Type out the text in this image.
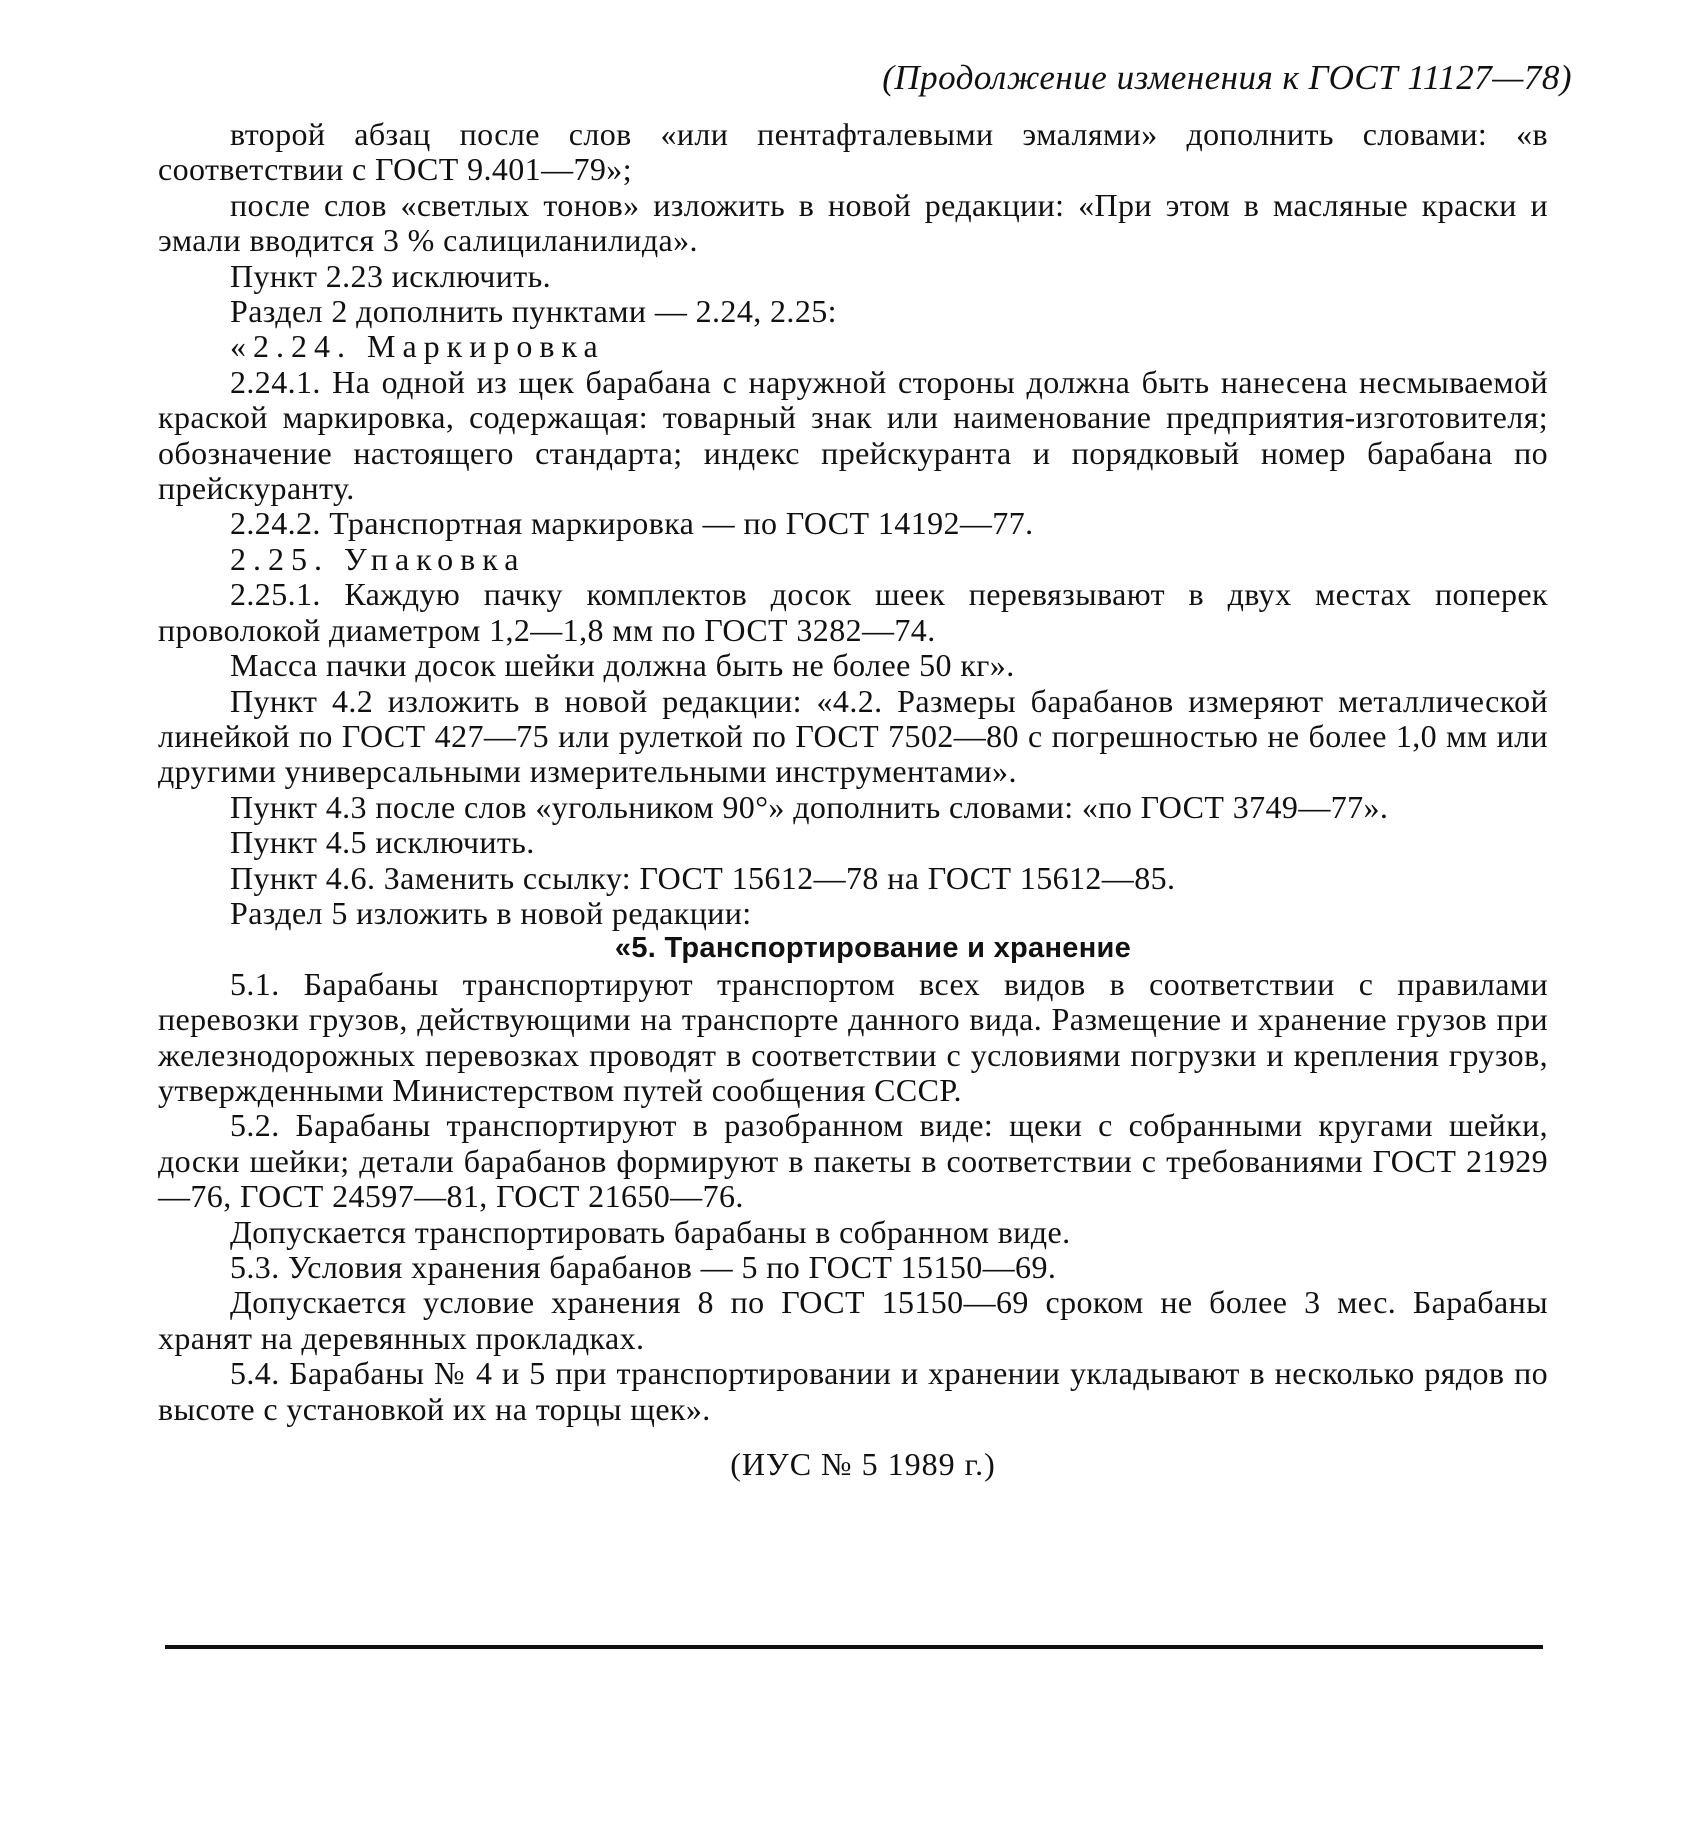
(Продолжение изменения к ГОСТ 11127—78)

второй абзац после слов «или пентафталевыми эмалями» дополнить словами: «в соответствии с ГОСТ 9.401—79»;

после слов «светлых тонов» изложить в новой редакции: «При этом в масляные краски и эмали вводится 3 % салициланилида».

Пункт 2.23 исключить.

Раздел 2 дополнить пунктами — 2.24, 2.25:

«2.24. Маркировка

2.24.1. На одной из щек барабана с наружной стороны должна быть нанесена несмываемой краской маркировка, содержащая: товарный знак или наименование предприятия-изготовителя; обозначение настоящего стандарта; индекс прейскуранта и порядковый номер барабана по прейскуранту.

2.24.2. Транспортная маркировка — по ГОСТ 14192—77.

2.25. Упаковка

2.25.1. Каждую пачку комплектов досок шеек перевязывают в двух местах поперек проволокой диаметром 1,2—1,8 мм по ГОСТ 3282—74.

Масса пачки досок шейки должна быть не более 50 кг».

Пункт 4.2 изложить в новой редакции: «4.2. Размеры барабанов измеряют металлической линейкой по ГОСТ 427—75 или рулеткой по ГОСТ 7502—80 с погрешностью не более 1,0 мм или другими универсальными измерительными инструментами».

Пункт 4.3 после слов «угольником 90°» дополнить словами: «по ГОСТ 3749—77».

Пункт 4.5 исключить.

Пункт 4.6. Заменить ссылку: ГОСТ 15612—78 на ГОСТ 15612—85.

Раздел 5 изложить в новой редакции:

«5. Транспортирование и хранение

5.1. Барабаны транспортируют транспортом всех видов в соответствии с правилами перевозки грузов, действующими на транспорте данного вида. Размещение и хранение грузов при железнодорожных перевозках проводят в соответствии с условиями погрузки и крепления грузов, утвержденными Министерством путей сообщения СССР.

5.2. Барабаны транспортируют в разобранном виде: щеки с собранными кругами шейки, доски шейки; детали барабанов формируют в пакеты в соответствии с требованиями ГОСТ 21929—76, ГОСТ 24597—81, ГОСТ 21650—76.

Допускается транспортировать барабаны в собранном виде.

5.3. Условия хранения барабанов — 5 по ГОСТ 15150—69.

Допускается условие хранения 8 по ГОСТ 15150—69 сроком не более 3 мес. Барабаны хранят на деревянных прокладках.

5.4. Барабаны № 4 и 5 при транспортировании и хранении укладывают в несколько рядов по высоте с установкой их на торцы щек».

(ИУС № 5 1989 г.)
